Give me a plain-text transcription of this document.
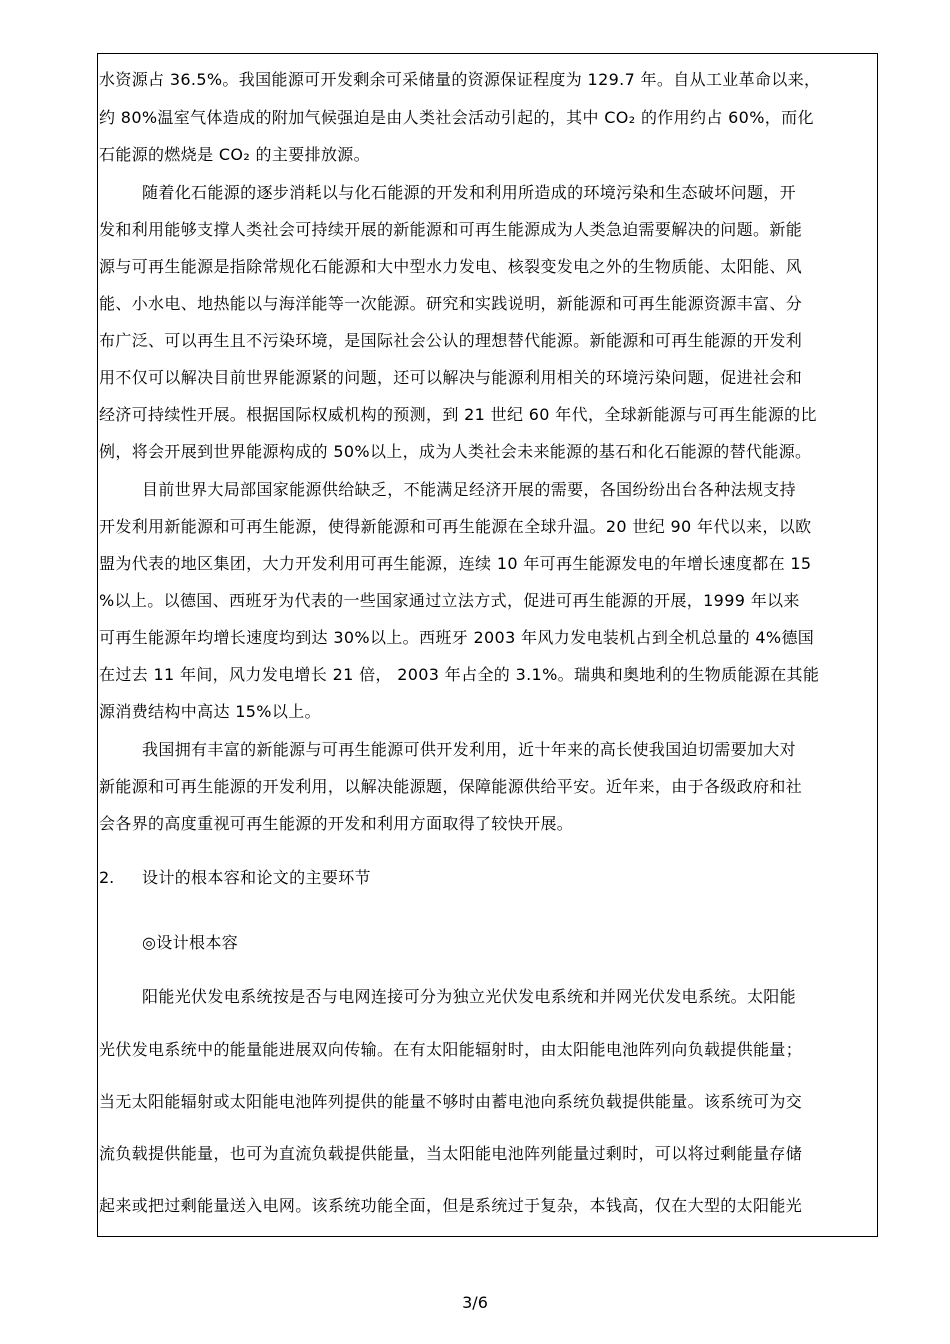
水资源占 36.5%。我国能源可开发剩余可采储量的资源保证程度为 129.7 年。自从工业革命以来，
约 80%温室气体造成的附加气候强迫是由人类社会活动引起的，其中 CO₂ 的作用约占 60%，而化
石能源的燃烧是 CO₂ 的主要排放源。
随着化石能源的逐步消耗以与化石能源的开发和利用所造成的环境污染和生态破坏问题，开
发和利用能够支撑人类社会可持续开展的新能源和可再生能源成为人类急迫需要解决的问题。新能
源与可再生能源是指除常规化石能源和大中型水力发电、核裂变发电之外的生物质能、太阳能、风
能、小水电、地热能以与海洋能等一次能源。研究和实践说明，新能源和可再生能源资源丰富、分
布广泛、可以再生且不污染环境，是国际社会公认的理想替代能源。新能源和可再生能源的开发利
用不仅可以解决目前世界能源紧的问题，还可以解决与能源利用相关的环境污染问题，促进社会和
经济可持续性开展。根据国际权威机构的预测，到 21 世纪 60 年代，全球新能源与可再生能源的比
例，将会开展到世界能源构成的 50%以上，成为人类社会未来能源的基石和化石能源的替代能源。
目前世界大局部国家能源供给缺乏，不能满足经济开展的需要，各国纷纷出台各种法规支持
开发利用新能源和可再生能源，使得新能源和可再生能源在全球升温。20 世纪 90 年代以来，以欧
盟为代表的地区集团，大力开发利用可再生能源，连续 10 年可再生能源发电的年增长速度都在 15
%以上。以德国、西班牙为代表的一些国家通过立法方式，促进可再生能源的开展，1999 年以来
可再生能源年均增长速度均到达 30%以上。西班牙 2003 年风力发电装机占到全机总量的 4%德国
在过去 11 年间，风力发电增长 21 倍， 2003 年占全的 3.1%。瑞典和奥地利的生物质能源在其能
源消费结构中高达 15%以上。
我国拥有丰富的新能源与可再生能源可供开发利用，近十年来的高长使我国迫切需要加大对
新能源和可再生能源的开发利用，以解决能源题，保障能源供给平安。近年来，由于各级政府和社
会各界的高度重视可再生能源的开发和利用方面取得了较快开展。
2. 设计的根本容和论文的主要环节
◎设计根本容
阳能光伏发电系统按是否与电网连接可分为独立光伏发电系统和并网光伏发电系统。太阳能
光伏发电系统中的能量能进展双向传输。在有太阳能辐射时，由太阳能电池阵列向负载提供能量；
当无太阳能辐射或太阳能电池阵列提供的能量不够时由蓄电池向系统负载提供能量。该系统可为交
流负载提供能量，也可为直流负载提供能量，当太阳能电池阵列能量过剩时，可以将过剩能量存储
起来或把过剩能量送入电网。该系统功能全面，但是系统过于复杂，本钱高，仅在大型的太阳能光
3/6
